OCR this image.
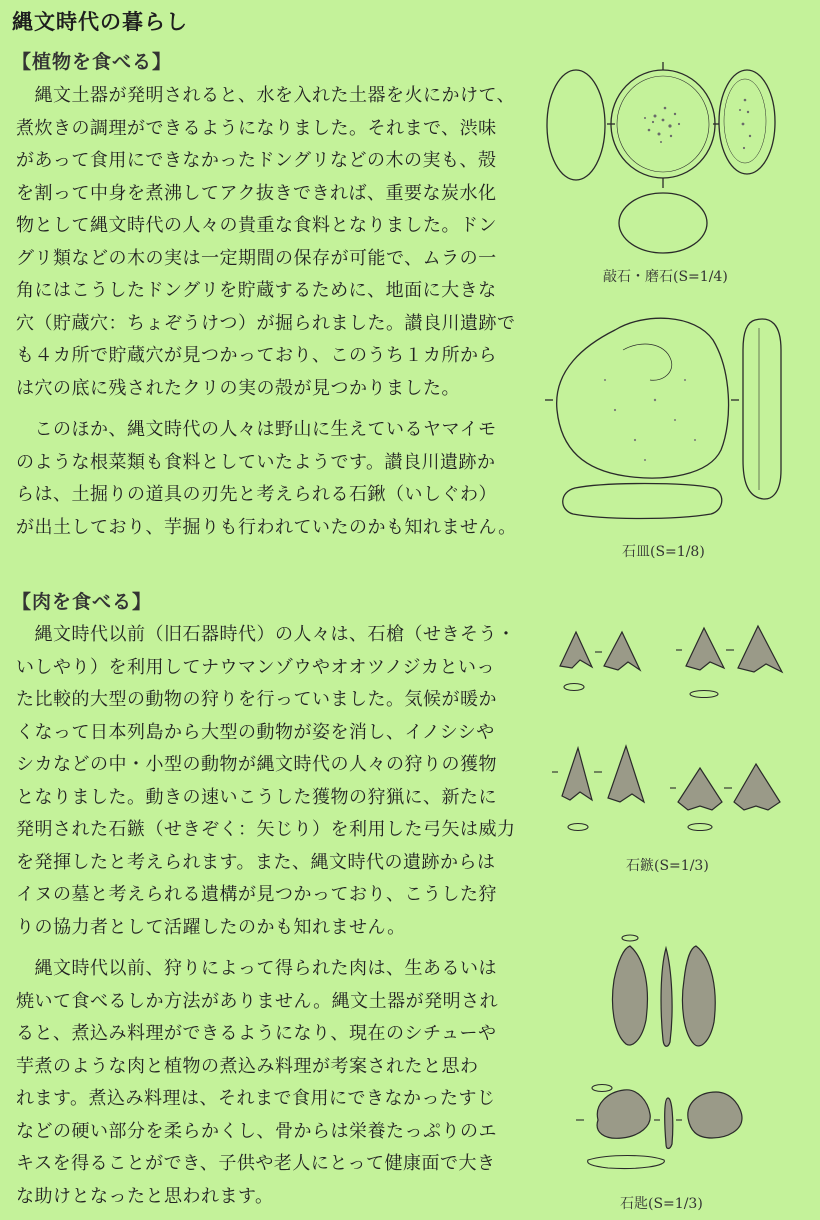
縄文時代の暮らし
【植物を食べる】
　縄文土器が発明されると、水を入れた土器を火にかけて、
煮炊きの調理ができるようになりました。それまで、渋味
があって食用にできなかったドングリなどの木の実も、殻
を割って中身を煮沸してアク抜きできれば、重要な炭水化
物として縄文時代の人々の貴重な食料となりました。ドン
グリ類などの木の実は一定期間の保存が可能で、ムラの一
角にはこうしたドングリを貯蔵するために、地面に大きな
穴（貯蔵穴：ちょぞうけつ）が掘られました。讃良川遺跡で
も４カ所で貯蔵穴が見つかっており、このうち１カ所から
は穴の底に残されたクリの実の殻が見つかりました。
　このほか、縄文時代の人々は野山に生えているヤマイモ
のような根菜類も食料としていたようです。讃良川遺跡か
らは、土掘りの道具の刃先と考えられる石鍬（いしぐわ）
が出土しており、芋掘りも行われていたのかも知れません。
【肉を食べる】
　縄文時代以前（旧石器時代）の人々は、石槍（せきそう・
いしやり）を利用してナウマンゾウやオオツノジカといっ
た比較的大型の動物の狩りを行っていました。気候が暖か
くなって日本列島から大型の動物が姿を消し、イノシシや
シカなどの中・小型の動物が縄文時代の人々の狩りの獲物
となりました。動きの速いこうした獲物の狩猟に、新たに
発明された石鏃（せきぞく：矢じり）を利用した弓矢は威力
を発揮したと考えられます。また、縄文時代の遺跡からは
イヌの墓と考えられる遺構が見つかっており、こうした狩
りの協力者として活躍したのかも知れません。
　縄文時代以前、狩りによって得られた肉は、生あるいは
焼いて食べるしか方法がありません。縄文土器が発明され
ると、煮込み料理ができるようになり、現在のシチューや
芋煮のような肉と植物の煮込み料理が考案されたと思わ
れます。煮込み料理は、それまで食用にできなかったすじ
などの硬い部分を柔らかくし、骨からは栄養たっぷりのエ
キスを得ることができ、子供や老人にとって健康面で大き
な助けとなったと思われます。
敲石・磨石(S=1/4)
石皿(S=1/8)
石鏃(S=1/3)
石匙(S=1/3)
